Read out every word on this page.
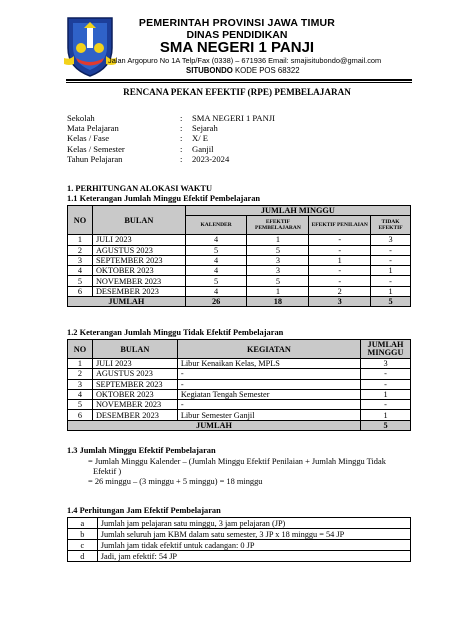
PEMERINTAH PROVINSI JAWA TIMUR
DINAS PENDIDIKAN
SMA NEGERI 1 PANJI
Jalan Argopuro No 1A Telp/Fax (0338) – 671936 Email: smajisitubondo@gmail.com
SITUBONDO KODE POS 68322
RENCANA PEKAN EFEKTIF (RPE) PEMBELAJARAN
Sekolah	:	SMA NEGERI 1 PANJI
Mata Pelajaran	:	Sejarah
Kelas / Fase	:	X/ E
Kelas / Semester	:	Ganjil
Tahun Pelajaran	:	2023-2024
1. PERHITUNGAN ALOKASI WAKTU
1.1 Keterangan Jumlah Minggu Efektif Pembelajaran
NO	BULAN	JUMLAH MINGGU			
		KALENDER	EFEKTIF PEMBELAJARAN	EFEKTIF PENILAIAN	TIDAK EFEKTIF
1	JULI 2023	4	1	-	3
2	AGUSTUS 2023	5	5	-	-
3	SEPTEMBER 2023	4	3	1	-
4	OKTOBER 2023	4	3	-	1
5	NOVEMBER 2023	5	5	-	-
6	DESEMBER 2023	4	1	2	1
JUMLAH		26	18	3	5
1.2 Keterangan Jumlah Minggu Tidak Efektif Pembelajaran
NO	BULAN	KEGIATAN	JUMLAH MINGGU
1	JULI 2023	Libur Kenaikan Kelas, MPLS	3
2	AGUSTUS 2023	-	-
3	SEPTEMBER 2023	-	-
4	OKTOBER 2023	Kegiatan Tengah Semester	1
5	NOVEMBER 2023	-	-
6	DESEMBER 2023	Libur Semester Ganjil	1
JUMLAH			5
1.3 Jumlah Minggu Efektif Pembelajaran
= Jumlah Minggu Kalender – (Jumlah Minggu Efektif Penilaian + Jumlah Minggu Tidak
Efektif )
= 26 minggu – (3 minggu + 5 minggu) = 18 minggu
1.4 Perhitungan Jam Efektif Pembelajaran
a	Jumlah jam pelajaran satu minggu, 3 jam pelajaran (JP)
b	Jumlah seluruh jam KBM dalam satu semester, 3 JP x 18 minggu = 54 JP
c	Jumlah jam tidak efektif untuk cadangan: 0 JP
d	Jadi, jam efektif: 54 JP
